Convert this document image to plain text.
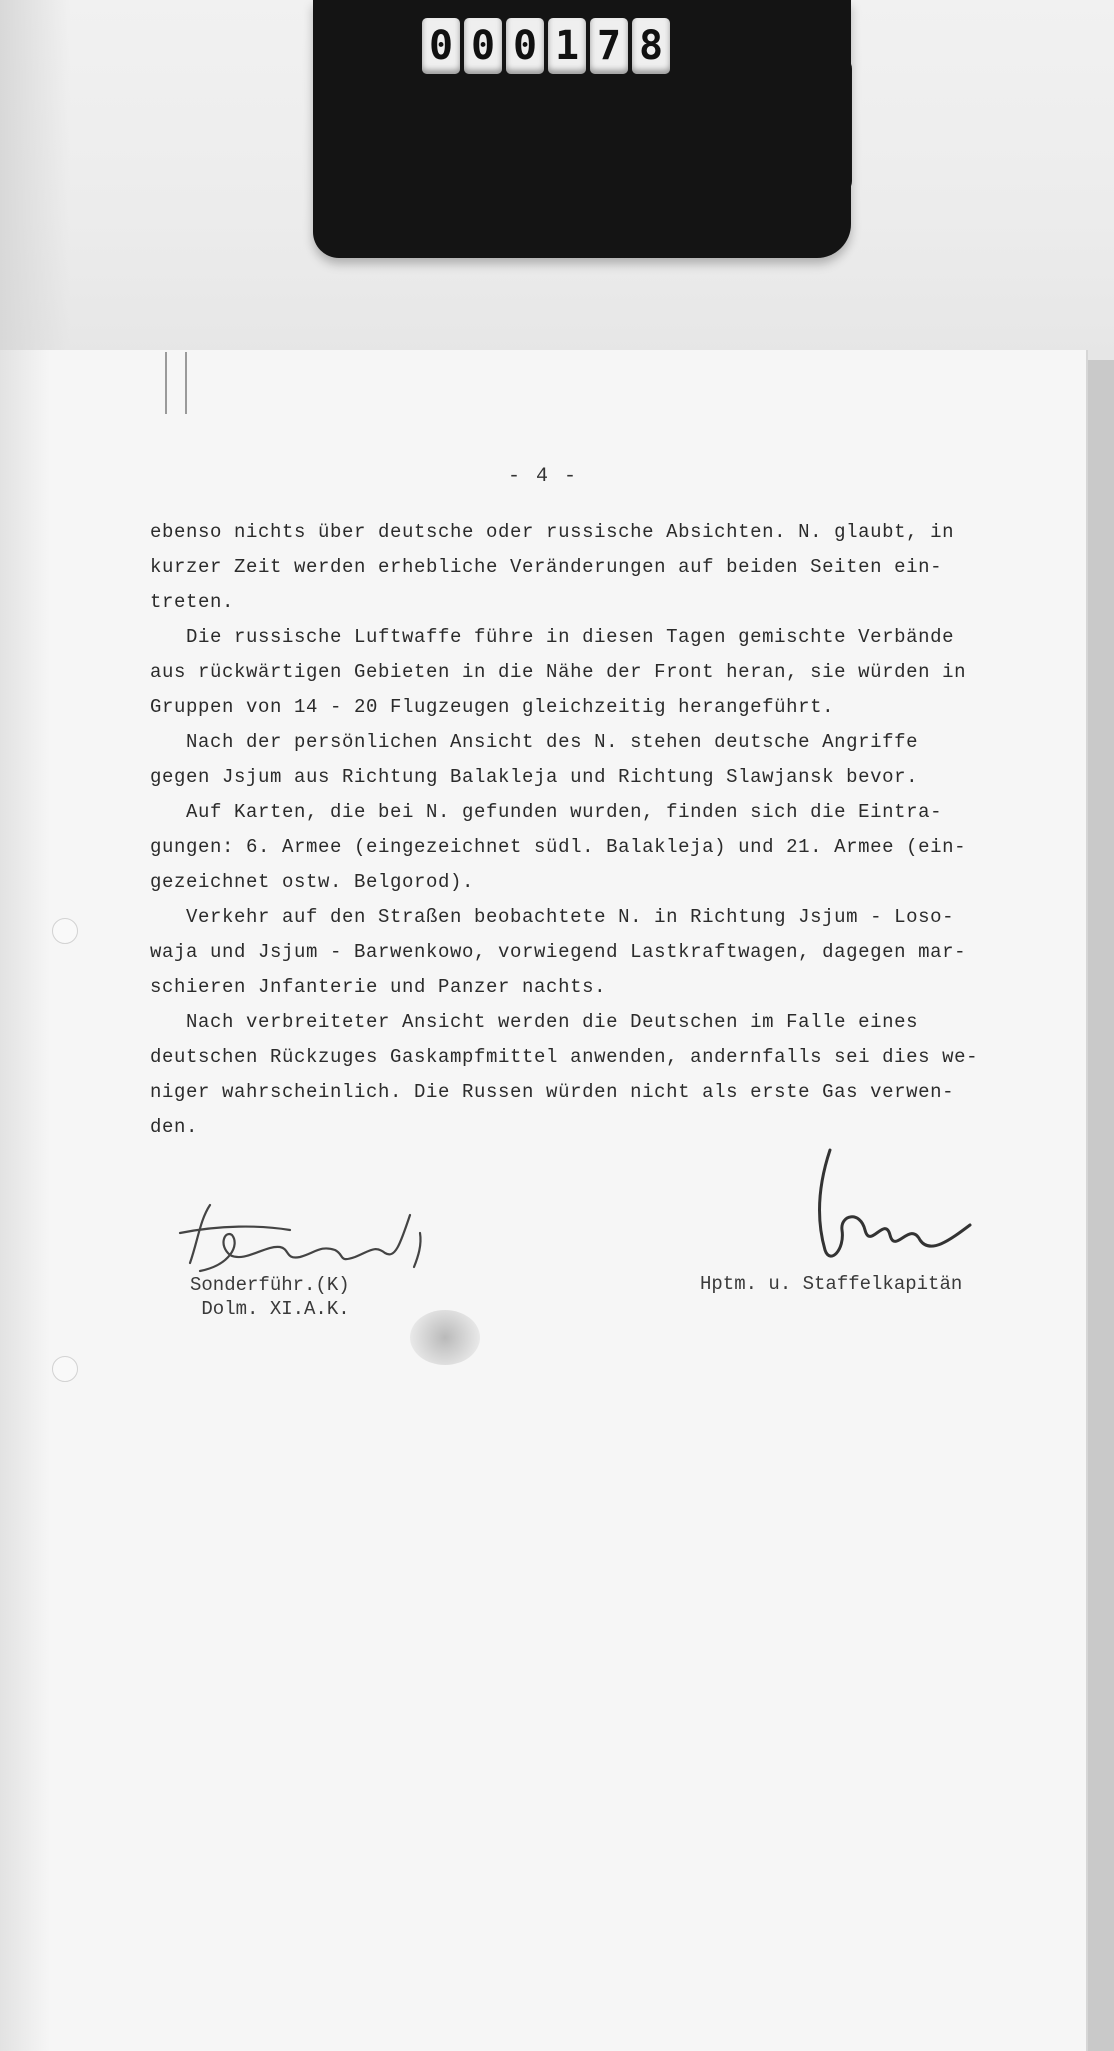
0 0 0 1 7 8
- 4 -
ebenso nichts über deutsche oder russische Absichten. N. glaubt, in
kurzer Zeit werden erhebliche Veränderungen auf beiden Seiten ein-
treten.
Die russische Luftwaffe führe in diesen Tagen gemischte Verbände
aus rückwärtigen Gebieten in die Nähe der Front heran, sie würden in
Gruppen von 14 - 20 Flugzeugen gleichzeitig herangeführt.
Nach der persönlichen Ansicht des N. stehen deutsche Angriffe
gegen Jsjum aus Richtung Balakleja und Richtung Slawjansk bevor.
Auf Karten, die bei N. gefunden wurden, finden sich die Eintra-
gungen: 6. Armee (eingezeichnet südl. Balakleja) und 21. Armee (ein-
gezeichnet ostw. Belgorod).
Verkehr auf den Straßen beobachtete N. in Richtung Jsjum - Loso-
waja und Jsjum - Barwenkowo, vorwiegend Lastkraftwagen, dagegen mar-
schieren Jnfanterie und Panzer nachts.
Nach verbreiteter Ansicht werden die Deutschen im Falle eines
deutschen Rückzuges Gaskampfmittel anwenden, andernfalls sei dies we-
niger wahrscheinlich. Die Russen würden nicht als erste Gas verwen-
den.
Sonderführ.(K)
Dolm. XI.A.K.
Hptm. u. Staffelkapitän
